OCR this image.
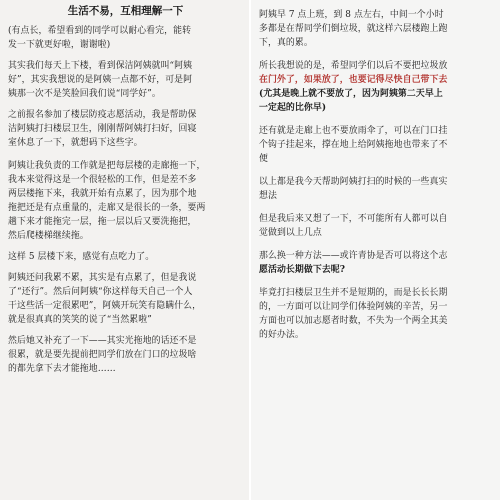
生活不易，互相理解一下

(有点长，希望看到的同学可以耐心看完，能转

发一下就更好啦，谢谢啦)

其实我们每天上下楼，看到保洁阿姨就叫“阿姨

好”，其实我想说的是阿姨一点都不好，可是阿

姨那一次不是笑脸回我们说“同学好”。

之前报名参加了楼层防疫志愿活动，我是帮助保

洁阿姨打扫楼层卫生，刚刚帮阿姨打扫好，回寝

室休息了一下，就想码下这些字。

阿姨让我负责的工作就是把每层楼的走廊拖一下，

我本来觉得这是一个很轻松的工作，但是差不多

两层楼拖下来，我就开始有点累了，因为那个地

拖把还是有点重量的，走廊又是很长的一条，要两

趟下来才能拖完一层，拖一层以后又要洗拖把，

然后爬楼梯继续拖。

这样 5 层楼下来，感觉有点吃力了。

阿姨还问我累不累，其实是有点累了，但是我说

了“还行”。然后问阿姨“你这样每天自己一个人

干这些活一定很累吧”，阿姨开玩笑有隐瞒什么，

就是很真真的笑笑的说了“当然累啦”

然后她又补充了一下——其实光拖地的话还不是

很累，就是要先提前把同学们放在门口的垃圾啥

的都先拿下去才能拖地……

阿姨早 7 点上班，到 8 点左右，中间一个小时

多都是在帮同学们倒垃圾，就这样六层楼跑上跑

下，真的累。

所长我想说的是，希望同学们以后不要把垃圾放

在门外了，如果放了，也要记得尽快自己带下去

(尤其是晚上就不要放了，因为阿姨第二天早上

一定起的比你早)

还有就是走廊上也不要放雨伞了，可以在门口挂

个钩子挂起来，撑在地上给阿姨拖地也带来了不

便

以上都是我今天帮助阿姨打扫的时候的一些真实

想法

但是我后来又想了一下，不可能所有人都可以自

觉做到以上几点

那么换一种方法——或许青协是否可以将这个志

愿活动长期做下去呢?

毕竟打扫楼层卫生并不是短期的，而是长长长期

的，一方面可以让同学们体验阿姨的辛苦，另一

方面也可以加志愿者时数，不失为一个两全其美

的好办法。
